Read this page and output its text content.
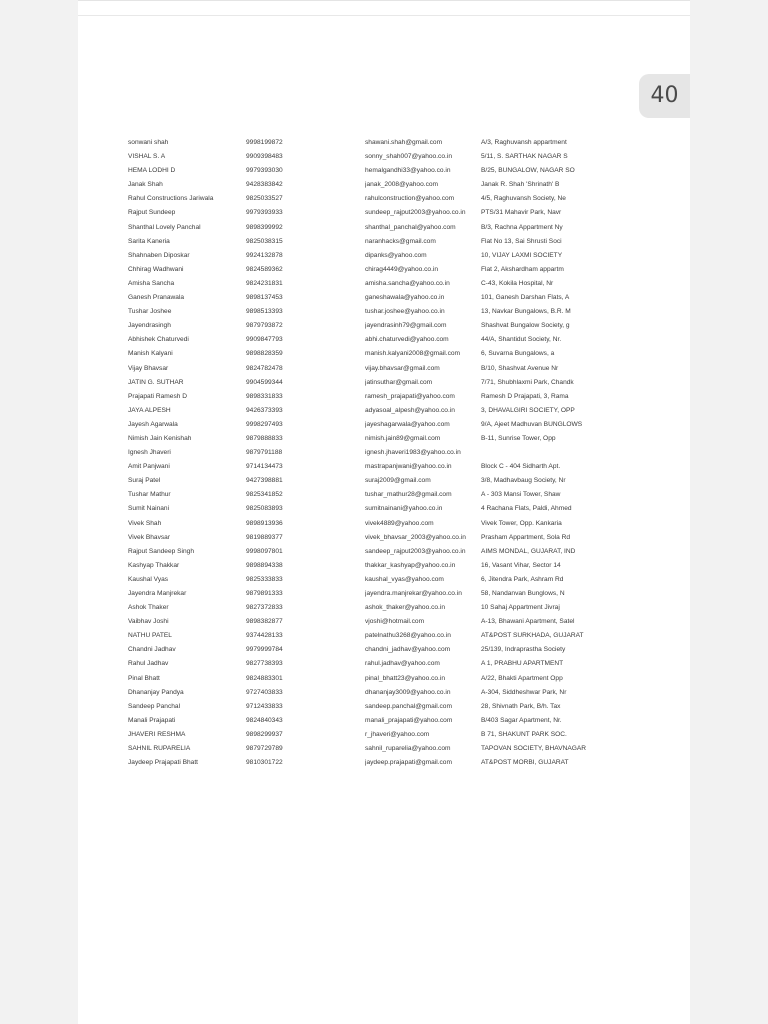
40
sonwani shah	9998199872	shawani.shah@gmail.com	A/3, Raghuvansh appartment
VISHAL S. A	9909398483	sonny_shah007@yahoo.co.in	5/11, S. SARTHAK NAGAR S
HEMA LODHI D	9979393030	hemalgandhi33@yahoo.co.in	B/25, BUNGALOW, NAGAR SO
Janak Shah	9428383842	janak_2008@yahoo.com	Janak R. Shah 'Shrinath' B
Rahul Constructions Jariwala	9825033527	rahulconstruction@yahoo.com	4/5, Raghuvansh Society, Ne
Rajput Sundeep	9979393933	sundeep_rajput2003@yahoo.co.in	PTS/31 Mahavir Park, Navr
Shanthal Lovely Panchal	9898399992	shanthal_panchal@yahoo.com	B/3, Rachna Appartment Ny
Sarita Kaneria	9825038315	naranhacks@gmail.com	Flat No 13, Sai Shrusti Soci
Shahnaben Diposkar	9924132878	dipanks@yahoo.com	10, VIJAY LAXMI SOCIETY
Chhirag Wadhwani	9824589362	chirag4449@yahoo.co.in	Flat 2, Akshardham appartm
Amisha Sancha	9824231831	amisha.sancha@yahoo.co.in	C-43, Kokila Hospital, Nr
Ganesh Pranawala	9898137453	ganeshawala@yahoo.co.in	101, Ganesh Darshan Flats, A
Tushar Joshee	9898513393	tushar.joshee@yahoo.co.in	13, Navkar Bungalows, B.R. M
Jayendrasingh	9879793872	jayendrasinh79@gmail.com	Shashvat Bungalow Society, g
Abhishek Chaturvedi	9909847793	abhi.chaturvedi@yahoo.com	44/A, Shantidut Society, Nr.
Manish Kalyani	9898828359	manish.kalyani2008@gmail.com	6, Suvarna Bungalows, a
Vijay Bhavsar	9824782478	vijay.bhavsar@gmail.com	B/10, Shashvat Avenue Nr
JATIN G. SUTHAR	9904599344	jatinsuthar@gmail.com	7/71, Shubhlaxmi Park, Chandk
Prajapati Ramesh D	9898331833	ramesh_prajapati@yahoo.com	Ramesh D Prajapati, 3, Rama
JAYA ALPESH	9426373393	adyasoal_alpesh@yahoo.co.in	3, DHAVALGIRI SOCIETY, OPP
Jayesh Agarwala	9998297493	jayeshagarwala@yahoo.com	9/A, Ajeet Madhuvan BUNGLOWS
Nimish Jain Kenishah	9879888833	nimish.jain89@gmail.com	B-11, Sunrise Tower, Opp
Ignesh Jhaveri	9879791188	ignesh.jhaveri1983@yahoo.co.in
Amit Panjwani	9714134473	mastrapanjwani@yahoo.co.in	Block C - 404 Sidharth Apt.
Suraj Patel	9427398881	suraj2009@gmail.com	3/8, Madhavbaug Society, Nr
Tushar Mathur	9825341852	tushar_mathur28@gmail.com	A - 303 Mansi Tower, Shaw
Sumit Nainani	9825083893	sumitnainani@yahoo.co.in	4 Rachana Flats, Paldi, Ahmed
Vivek Shah	9898913936	vivek4889@yahoo.com	Vivek Tower, Opp. Kankaria
Vivek Bhavsar	9819889377	vivek_bhavsar_2003@yahoo.co.in	Prasham Appartment, Sola Rd
Rajput Sandeep Singh	9998097801	sandeep_rajput2003@yahoo.co.in	AIMS MONDAL, GUJARAT, IND
Kashyap Thakkar	9898894338	thakkar_kashyap@yahoo.co.in	16, Vasant Vihar, Sector 14
Kaushal Vyas	9825333833	kaushal_vyas@yahoo.com	6, Jitendra Park, Ashram Rd
Jayendra Manjrekar	9879891333	jayendra.manjrekar@yahoo.co.in	58, Nandanvan Bunglows, N
Ashok Thaker	9827372833	ashok_thaker@yahoo.co.in	10 Sahaj Appartment Jivraj
Vaibhav Joshi	9898382877	vjoshi@hotmail.com	A-13, Bhawani Apartment, Satel
NATHU PATEL	9374428133	patelnathu3268@yahoo.co.in	AT&POST SURKHADA, GUJARAT
Chandni Jadhav	9979999784	chandni_jadhav@yahoo.com	25/139, Indraprastha Society
Rahul Jadhav	9827738393	rahul.jadhav@yahoo.com	A 1, PRABHU APARTMENT
Pinal Bhatt	9824883301	pinal_bhatt23@yahoo.co.in	A/22, Bhakti Apartment Opp
Dhananjay Pandya	9727403833	dhananjay3009@yahoo.co.in	A-304, Siddheshwar Park, Nr
Sandeep Panchal	9712433833	sandeep.panchal@gmail.com	28, Shivnath Park, B/h. Tax
Manali Prajapati	9824840343	manali_prajapati@yahoo.com	B/403 Sagar Apartment, Nr.
JHAVERI RESHMA	9898299937	r_jhaveri@yahoo.com	B 71, SHAKUNT PARK SOC.
SAHNIL RUPARELIA	9879729789	sahnil_ruparelia@yahoo.com	TAPOVAN SOCIETY, BHAVNAGAR
Jaydeep Prajapati Bhatt	9810301722	jaydeep.prajapati@gmail.com	AT&POST MORBI, GUJARAT
